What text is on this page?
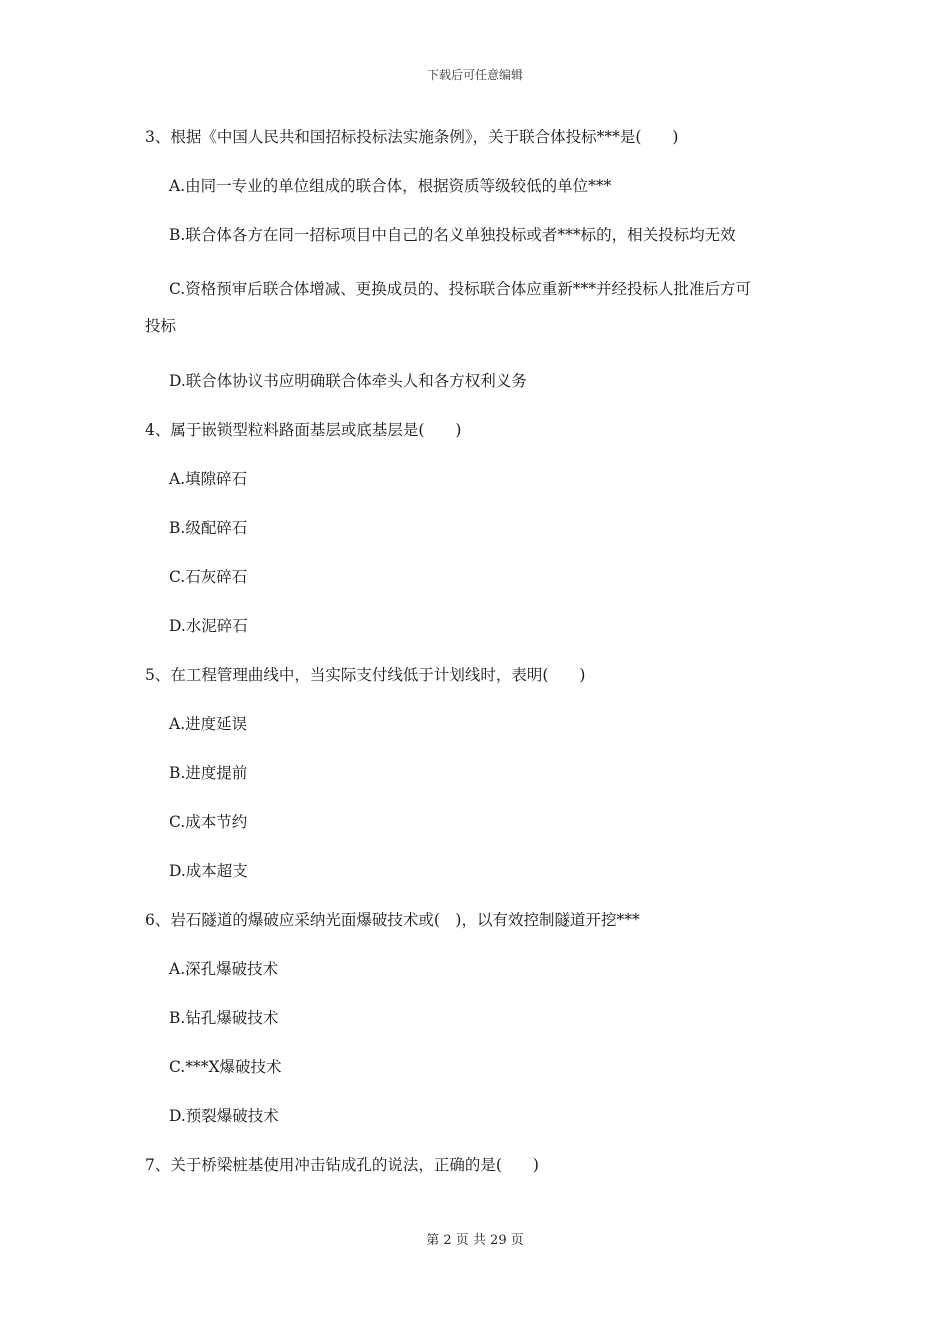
下载后可任意编辑
3、根据《中国人民共和国招标投标法实施条例》，关于联合体投标***是(　　)
A.由同一专业的单位组成的联合体，根据资质等级较低的单位***
B.联合体各方在同一招标项目中自己的名义单独投标或者***标的，相关投标均无效
C.资格预审后联合体增减、更换成员的、投标联合体应重新***并经投标人批准后方可
投标
D.联合体协议书应明确联合体牵头人和各方权利义务
4、属于嵌锁型粒料路面基层或底基层是(　　)
A.填隙碎石
B.级配碎石
C.石灰碎石
D.水泥碎石
5、在工程管理曲线中，当实际支付线低于计划线时，表明(　　)
A.进度延误
B.进度提前
C.成本节约
D.成本超支
6、岩石隧道的爆破应采纳光面爆破技术或(　)，以有效控制隧道开挖***
A.深孔爆破技术
B.钻孔爆破技术
C.***X爆破技术
D.预裂爆破技术
7、关于桥梁桩基使用冲击钻成孔的说法，正确的是(　　)
第 2 页 共 29 页
